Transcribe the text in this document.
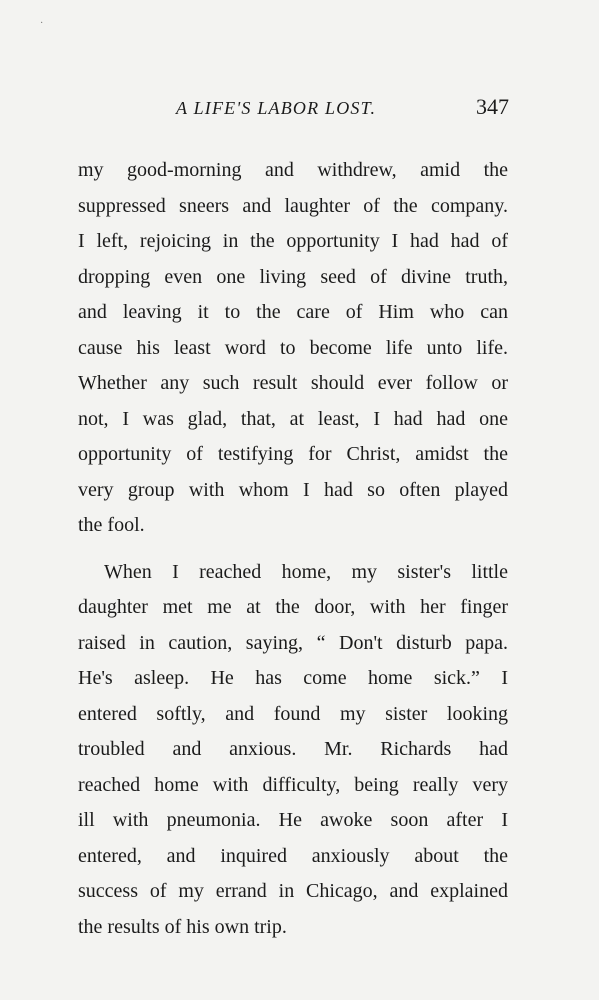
·
A LIFE'S LABOR LOST.	347

my good-morning and withdrew, amid the
suppressed sneers and laughter of the company.
I left, rejoicing in the opportunity I had had of
dropping even one living seed of divine truth,
and leaving it to the care of Him who can
cause his least word to become life unto life.
Whether any such result should ever follow or
not, I was glad, that, at least, I had had one
opportunity of testifying for Christ, amidst the
very group with whom I had so often played
the fool.

When I reached home, my sister's little
daughter met me at the door, with her finger
raised in caution, saying, “ Don't disturb papa.
He's asleep. He has come home sick.” I
entered softly, and found my sister looking
troubled and anxious. Mr. Richards had
reached home with difficulty, being really very
ill with pneumonia. He awoke soon after I
entered, and inquired anxiously about the
success of my errand in Chicago, and explained
the results of his own trip.
